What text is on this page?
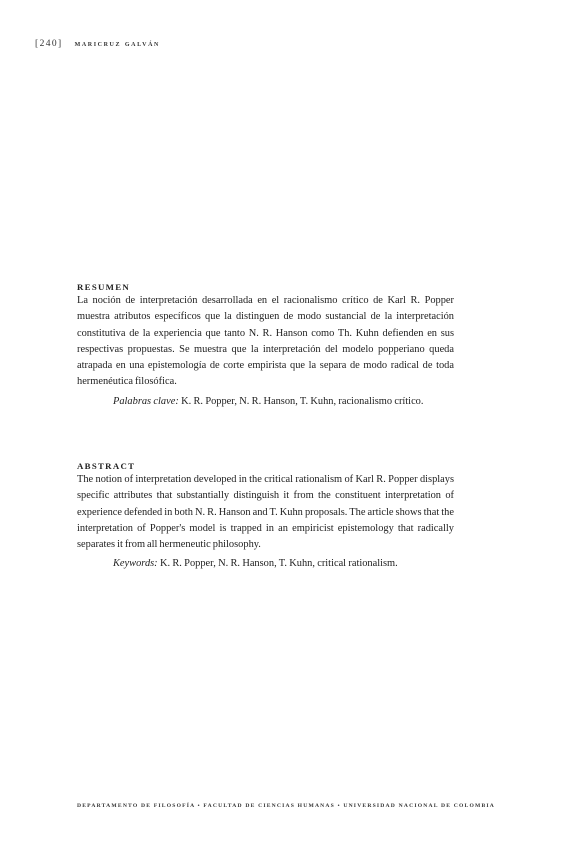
[240] maricruz galván
RESUMEN

La noción de interpretación desarrollada en el racionalismo crítico de Karl R. Popper muestra atributos específicos que la distinguen de modo sustancial de la interpretación constitutiva de la experiencia que tanto N. R. Hanson como Th. Kuhn defienden en sus respectivas propuestas. Se muestra que la interpretación del modelo popperiano queda atrapada en una epistemología de corte empirista que la separa de modo radical de toda hermenéutica filosófica.

Palabras clave: K. R. Popper, N. R. Hanson, T. Kuhn, racionalismo crítico.

ABSTRACT

The notion of interpretation developed in the critical rationalism of Karl R. Popper displays specific attributes that substantially distinguish it from the constituent interpretation of experience defended in both N. R. Hanson and T. Kuhn proposals. The article shows that the interpretation of Popper's model is trapped in an empiricist epistemology that radically separates it from all hermeneutic philosophy.

Keywords: K. R. Popper, N. R. Hanson, T. Kuhn, critical rationalism.

DEPARTAMENTO DE FILOSOFÍA • FACULTAD DE CIENCIAS HUMANAS • UNIVERSIDAD NACIONAL DE COLOMBIA
